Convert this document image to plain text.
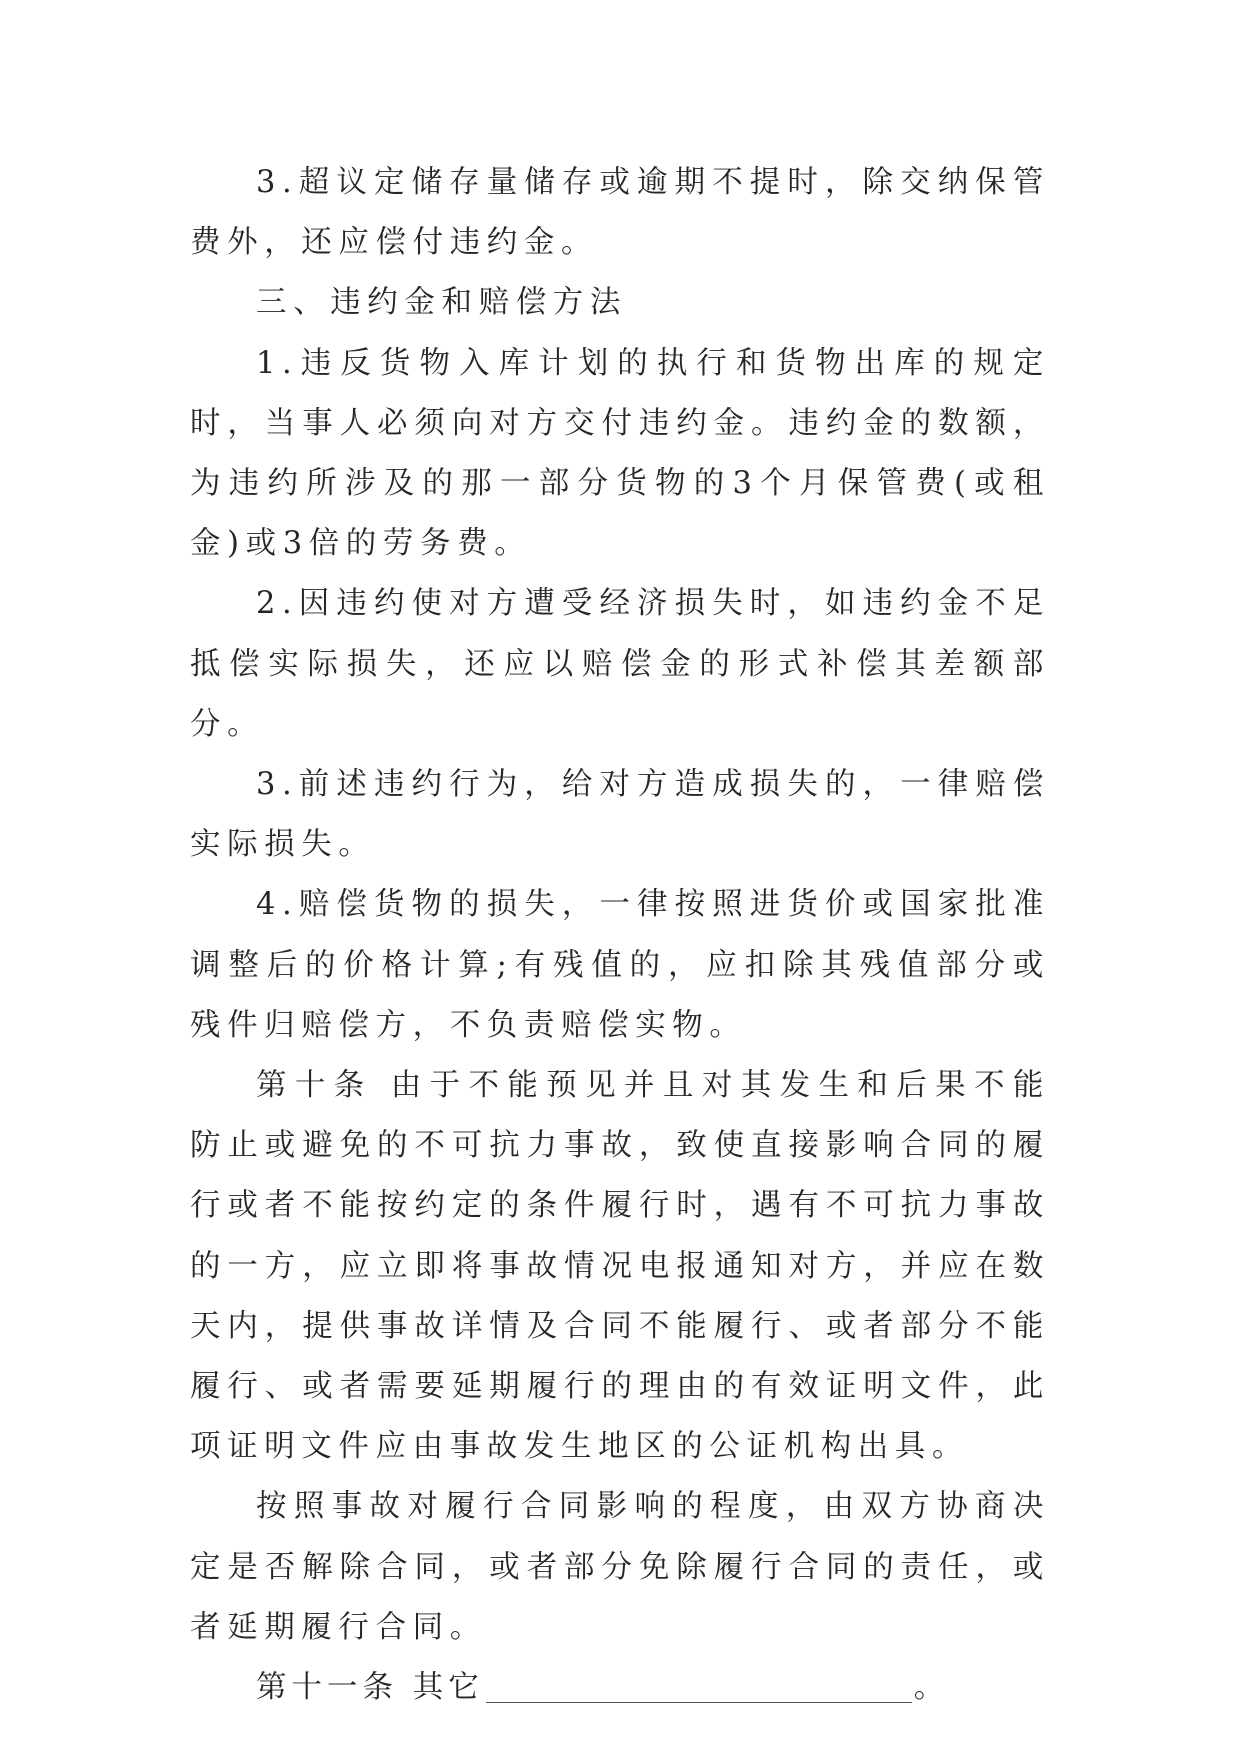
3.超议定储存量储存或逾期不提时，除交纳保管费外，还应偿付违约金。

三、违约金和赔偿方法

1.违反货物入库计划的执行和货物出库的规定时，当事人必须向对方交付违约金。违约金的数额，为违约所涉及的那一部分货物的3个月保管费(或租金)或3倍的劳务费。

2.因违约使对方遭受经济损失时，如违约金不足抵偿实际损失，还应以赔偿金的形式补偿其差额部分。

3.前述违约行为，给对方造成损失的，一律赔偿实际损失。

4.赔偿货物的损失，一律按照进货价或国家批准调整后的价格计算;有残值的，应扣除其残值部分或残件归赔偿方，不负责赔偿实物。

第十条 由于不能预见并且对其发生和后果不能防止或避免的不可抗力事故，致使直接影响合同的履行或者不能按约定的条件履行时，遇有不可抗力事故的一方，应立即将事故情况电报通知对方，并应在数天内，提供事故详情及合同不能履行、或者部分不能履行、或者需要延期履行的理由的有效证明文件，此项证明文件应由事故发生地区的公证机构出具。

按照事故对履行合同影响的程度，由双方协商决定是否解除合同，或者部分免除履行合同的责任，或者延期履行合同。

第十一条 其它	。
